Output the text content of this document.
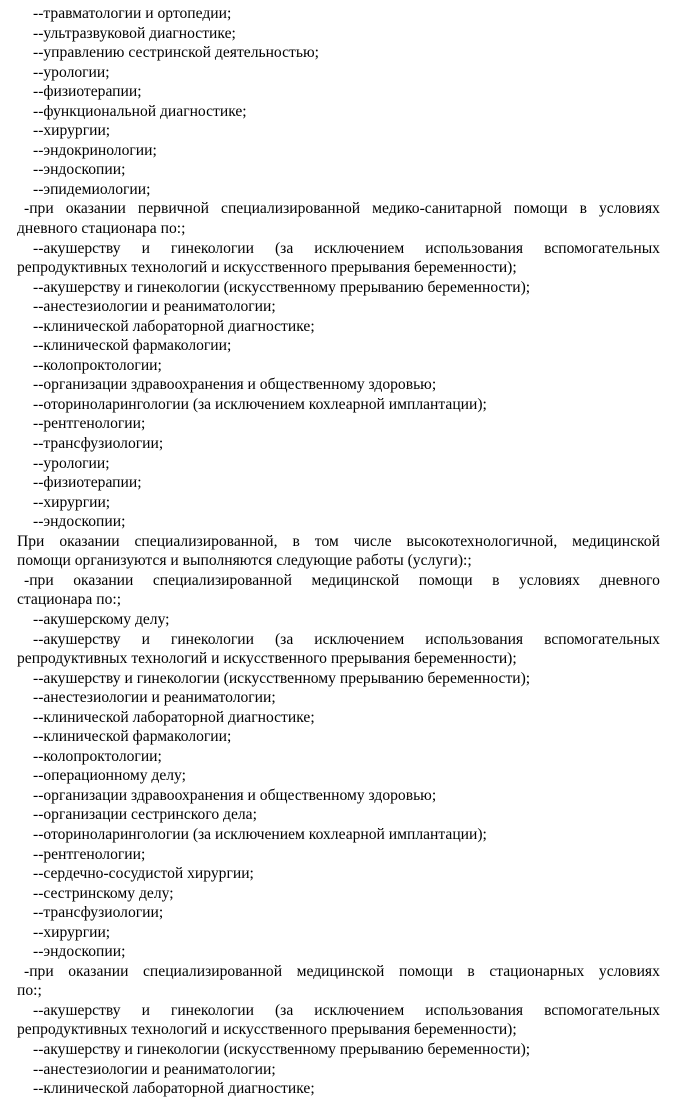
--травматологии и ортопедии;
--ультразвуковой диагностике;
--управлению сестринской деятельностью;
--урологии;
--физиотерапии;
--функциональной диагностике;
--хирургии;
--эндокринологии;
--эндоскопии;
--эпидемиологии;
-при оказании первичной специализированной медико-санитарной помощи в условиях
дневного стационара по:;
--акушерству и гинекологии (за исключением использования вспомогательных
репродуктивных технологий и искусственного прерывания беременности);
--акушерству и гинекологии (искусственному прерыванию беременности);
--анестезиологии и реаниматологии;
--клинической лабораторной диагностике;
--клинической фармакологии;
--колопроктологии;
--организации здравоохранения и общественному здоровью;
--оториноларингологии (за исключением кохлеарной имплантации);
--рентгенологии;
--трансфузиологии;
--урологии;
--физиотерапии;
--хирургии;
--эндоскопии;
При оказании специализированной, в том числе высокотехнологичной, медицинской
помощи организуются и выполняются следующие работы (услуги):;
-при оказании специализированной медицинской помощи в условиях дневного
стационара по:;
--акушерскому делу;
--акушерству и гинекологии (за исключением использования вспомогательных
репродуктивных технологий и искусственного прерывания беременности);
--акушерству и гинекологии (искусственному прерыванию беременности);
--анестезиологии и реаниматологии;
--клинической лабораторной диагностике;
--клинической фармакологии;
--колопроктологии;
--операционному делу;
--организации здравоохранения и общественному здоровью;
--организации сестринского дела;
--оториноларингологии (за исключением кохлеарной имплантации);
--рентгенологии;
--сердечно-сосудистой хирургии;
--сестринскому делу;
--трансфузиологии;
--хирургии;
--эндоскопии;
-при оказании специализированной медицинской помощи в стационарных условиях
по:;
--акушерству и гинекологии (за исключением использования вспомогательных
репродуктивных технологий и искусственного прерывания беременности);
--акушерству и гинекологии (искусственному прерыванию беременности);
--анестезиологии и реаниматологии;
--клинической лабораторной диагностике;
